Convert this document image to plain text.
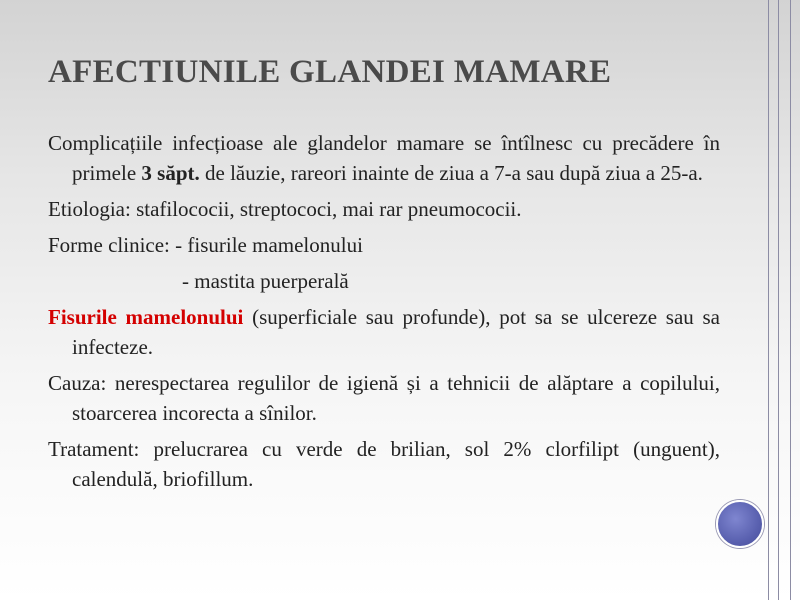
AFECTIUNILE GLANDEI MAMARE

Complicațiile infecțioase ale glandelor mamare se întîlnesc cu precădere în primele 3 săpt. de lăuzie, rareori inainte de ziua a 7-a sau după ziua a 25-a.

Etiologia: stafilococii, streptococi, mai rar pneumococii.

Forme clinice: - fisurile mamelonului

- mastita puerperală

Fisurile mamelonului (superficiale sau profunde), pot sa se ulcereze sau sa infecteze.

Cauza: nerespectarea regulilor de igienă și a tehnicii de alăptare a copilului, stoarcerea incorecta a sînilor.

Tratament: prelucrarea cu verde de brilian, sol 2% clorfilipt (unguent), calendulă, briofillum.
